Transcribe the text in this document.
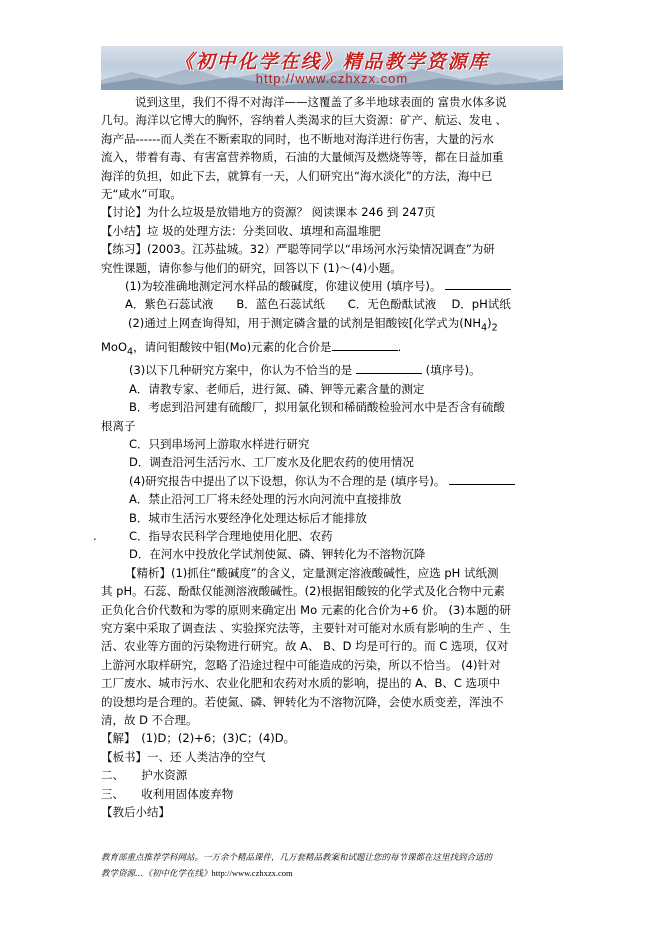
《初中化学在线》精品教学资源库
http://www.czhxzx.com

说到这里，我们不得不对海洋——这覆盖了多半地球表面的 富贵水体多说

几句。海洋以它博大的胸怀，容纳着人类渴求的巨大资源：矿产、航运、发电 、

海产品------而人类在不断索取的同时，也不断地对海洋进行伤害，大量的污水

流入，带着有毒、有害富营养物质，石油的大量倾泻及燃烧等等，都在日益加重

海洋的负担，如此下去，就算有一天，人们研究出“海水淡化”的方法，海中已

无“咸水”可取。

【讨论】为什么垃圾是放错地方的资源？ 阅读课本 246 到 247页

【小结】垃 圾的处理方法：分类回收、填埋和高温堆肥

【练习】(2003。江苏盐城。32）严聪等同学以“串场河水污染情况调查”为研

究性课题，请你参与他们的研究，回答以下 (1)～(4)小题。

(1)为较准确地测定河水样品的酸碱度，你建议使用 (填序号)。

A．紫色石蕊试液　　B．蓝色石蕊试纸　　C．无色酚酞试液　 D．pH试纸

(2)通过上网查询得知，用于测定磷含量的试剂是钼酸铵[化学式为$(NH_4)_2$

MoO$_4$，请问钼酸铵中钼(Mo)元素的化合价是	.

(3)以下几种研究方案中，你认为不恰当的是	(填序号)。

A．请教专家、老师后，进行氮、磷、钾等元素含量的测定

B．考虑到沿河建有硫酸厂，拟用氯化钡和稀硝酸检验河水中是否含有硫酸

根离子

C．只到串场河上游取水样进行研究

D．调查沿河生活污水、工厂废水及化肥农药的使用情况

(4)研究报告中提出了以下设想，你认为不合理的是 (填序号)。

A．禁止沿河工厂将未经处理的污水向河流中直接排放

B．城市生活污水要经净化处理达标后才能排放

.	C．指导农民科学合理地使用化肥、农药

D．在河水中投放化学试剂使氮、磷、钾转化为不溶物沉降

【精析】(1)抓住“酸碱度”的含义，定量测定溶液酸碱性，应选 pH 试纸测

其 pH。石蕊、酚酞仅能测溶液酸碱性。(2)根据钼酸铵的化学式及化合物中元素

正负化合价代数和为零的原则来确定出 Mo 元素的化合价为+6 价。 (3)本题的研

究方案中采取了调查法 、实验探究法等，主要针对可能对水质有影响的生产 、生

活、农业等方面的污染物进行研究。故 A、 B、D 均是可行的。而 C 选项，仅对

上游河水取样研究，忽略了沿途过程中可能造成的污染，所以不恰当。 (4)针对

工厂废水、城市污水、农业化肥和农药对水质的影响，提出的 A、B、C 选项中

的设想均是合理的。若使氮、磷、钾转化为不溶物沉降，会使水质变差，浑浊不

清，故 D 不合理。

【解】　(1)D；(2)+6；(3)C；(4)D。

【板书】一、还 人类洁净的空气

二、　　护水资源

三、　　收利用固体废弃物

【教后小结】

教育部重点推荐学科网站。一万余个精品课件，几万套精品教案和试题让您的每节课都在这里找到合适的

教学资源…《初中化学在线》http://www.czhxzx.com
